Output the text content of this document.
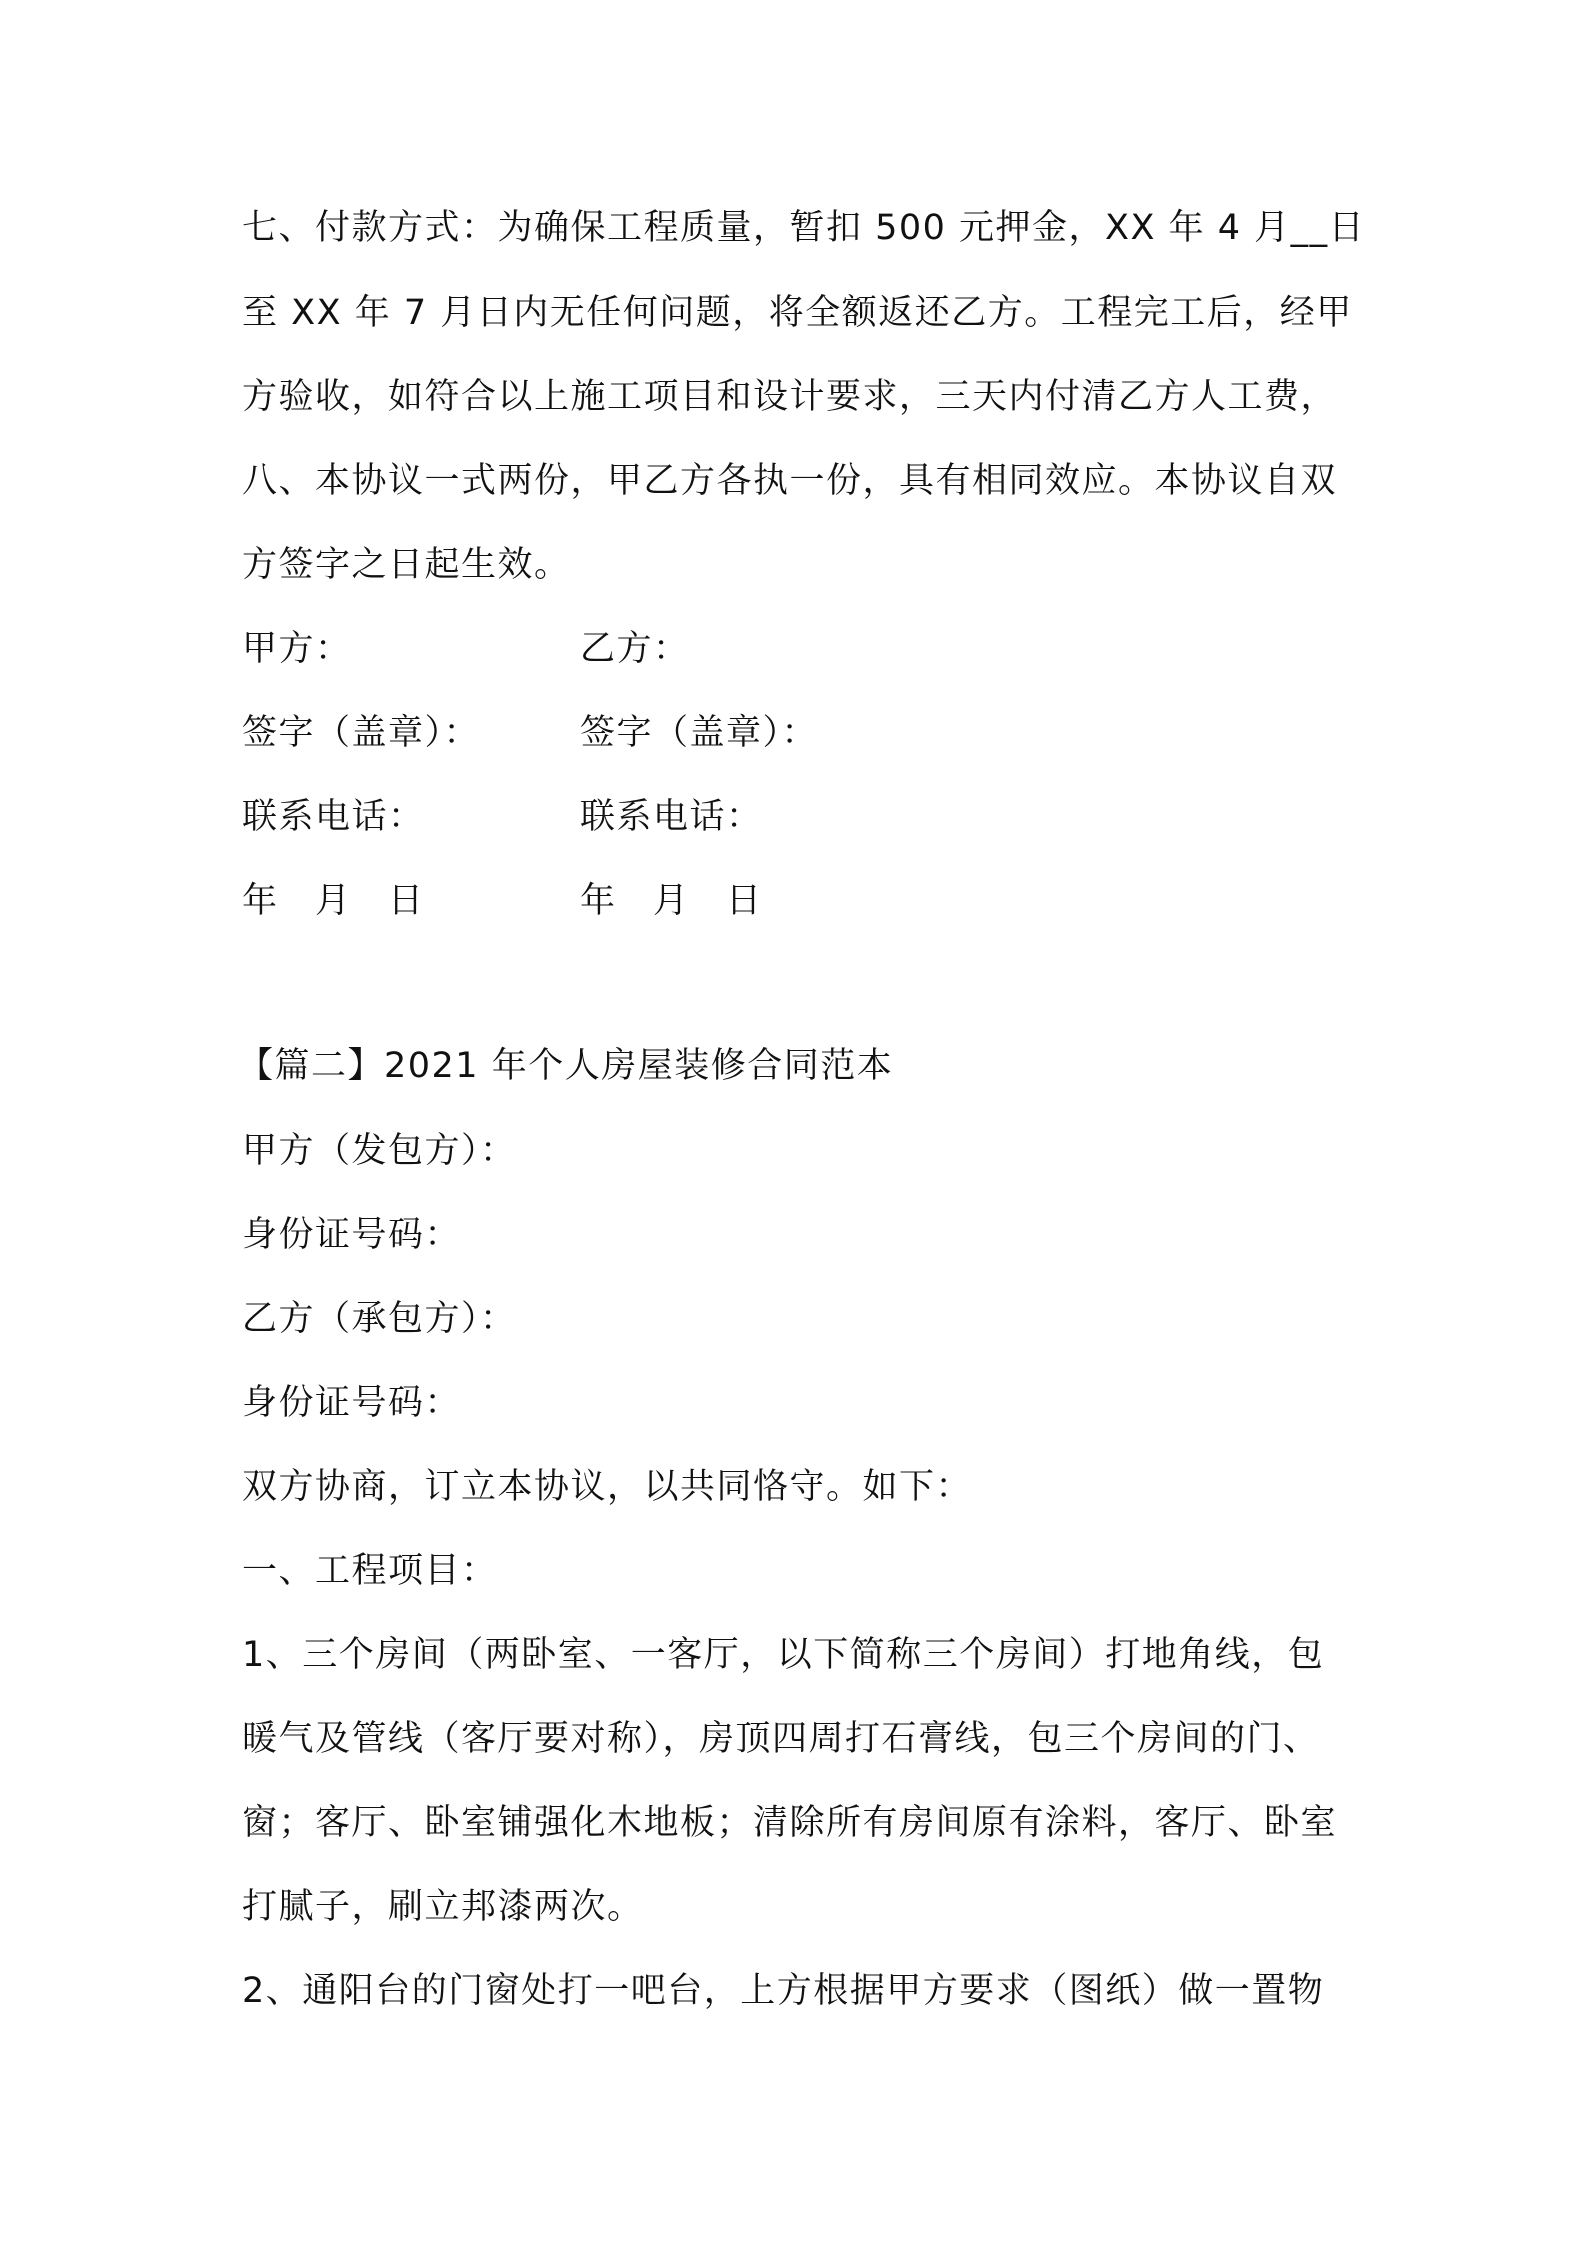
七、付款方式：为确保工程质量，暂扣 500 元押金，XX 年 4 月__日
至 XX 年 7 月日内无任何问题，将全额返还乙方。工程完工后，经甲
方验收，如符合以上施工项目和设计要求，三天内付清乙方人工费，
八、本协议一式两份，甲乙方各执一份，具有相同效应。本协议自双
方签字之日起生效。
甲方：	乙方：
签字（盖章）：	签字（盖章）：
联系电话：	联系电话：
年　月　日	年　月　日
【篇二】2021 年个人房屋装修合同范本
甲方（发包方）：
身份证号码：
乙方（承包方）：
身份证号码：
双方协商，订立本协议，以共同恪守。如下：
一、工程项目：
1、三个房间（两卧室、一客厅，以下简称三个房间）打地角线，包
暖气及管线（客厅要对称），房顶四周打石膏线，包三个房间的门、
窗；客厅、卧室铺强化木地板；清除所有房间原有涂料，客厅、卧室
打腻子，刷立邦漆两次。
2、通阳台的门窗处打一吧台，上方根据甲方要求（图纸）做一置物
